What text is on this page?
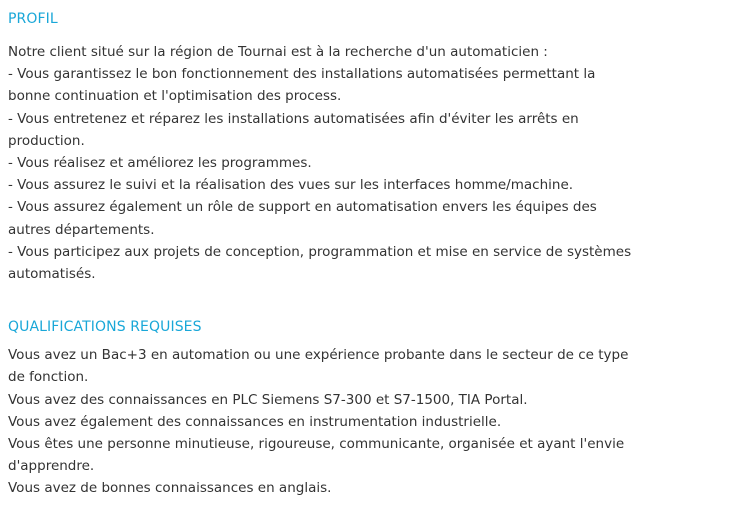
PROFIL

Notre client situé sur la région de Tournai est à la recherche d'un automaticien :

- Vous garantissez le bon fonctionnement des installations automatisées permettant la

bonne continuation et l'optimisation des process.

- Vous entretenez et réparez les installations automatisées afin d'éviter les arrêts en

production.

- Vous réalisez et améliorez les programmes.

- Vous assurez le suivi et la réalisation des vues sur les interfaces homme/machine.

- Vous assurez également un rôle de support en automatisation envers les équipes des

autres départements.

- Vous participez aux projets de conception, programmation et mise en service de systèmes

automatisés.

QUALIFICATIONS REQUISES

Vous avez un Bac+3 en automation ou une expérience probante dans le secteur de ce type

de fonction.

Vous avez des connaissances en PLC Siemens S7-300 et S7-1500, TIA Portal.

Vous avez également des connaissances en instrumentation industrielle.

Vous êtes une personne minutieuse, rigoureuse, communicante, organisée et ayant l'envie

d'apprendre.

Vous avez de bonnes connaissances en anglais.
